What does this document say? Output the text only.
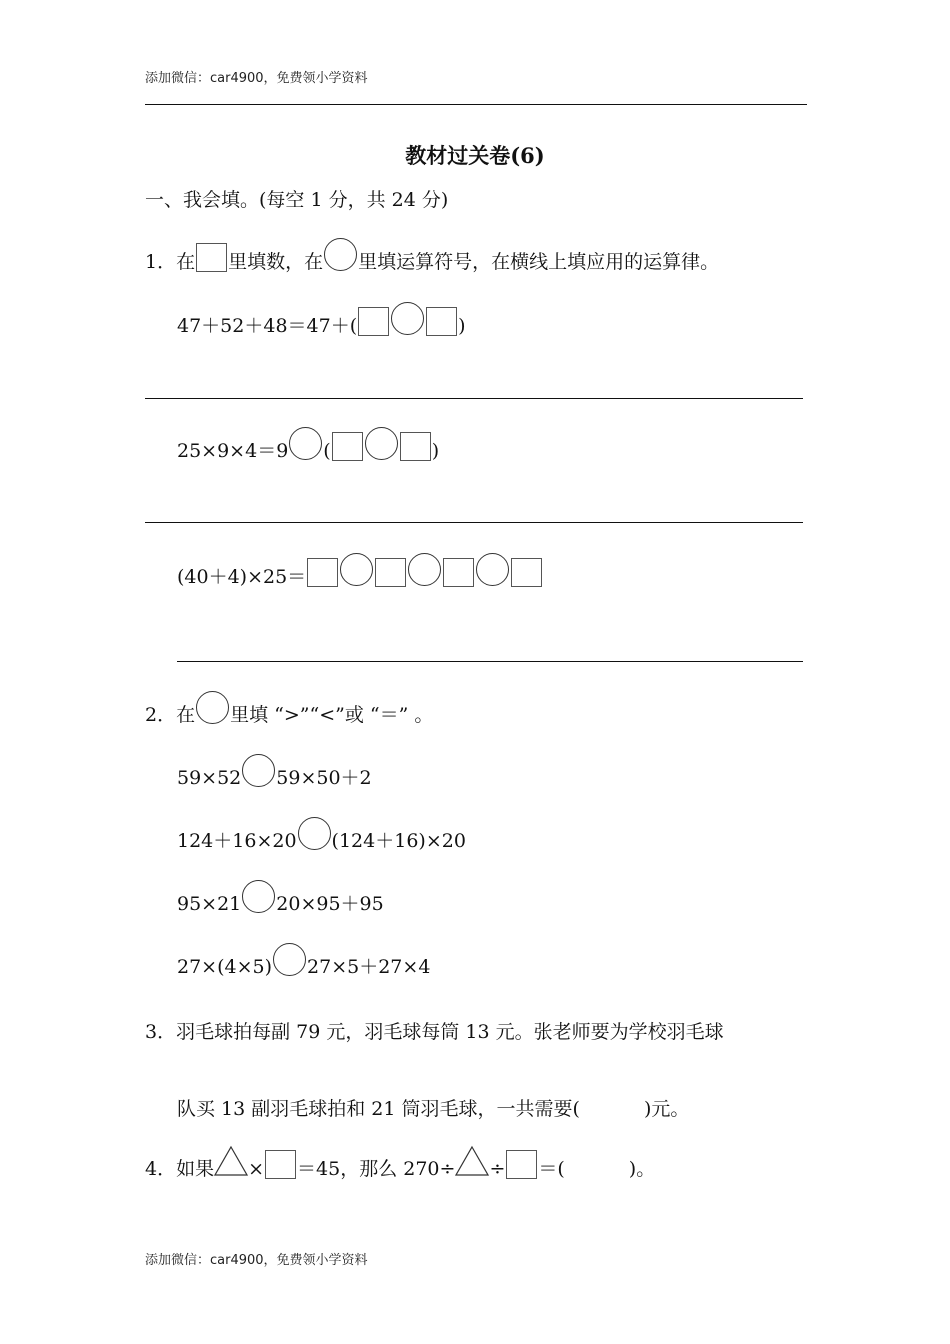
添加微信：car4900，免费领小学资料
教材过关卷(6)
一、我会填。(每空 1 分，共 24 分)
1． 在 里填数，在 里填运算符号，在横线上填应用的运算律。
47＋52＋48＝47＋(	)
25×9×4＝9 (	)
(40＋4)×25＝
2． 在 里填 “>”“<”或 “＝” 。
59×52 59×50＋2
124＋16×20 (124＋16)×20
95×21 20×95＋95
27×(4×5) 27×5＋27×4
3． 羽毛球拍每副 79 元，羽毛球每筒 13 元。张老师要为学校羽毛球
队买 13 副羽毛球拍和 21 筒羽毛球，一共需要(	)元。
4． 如果 × ＝45，那么 270÷ ÷ ＝(	)。
添加微信：car4900，免费领小学资料
